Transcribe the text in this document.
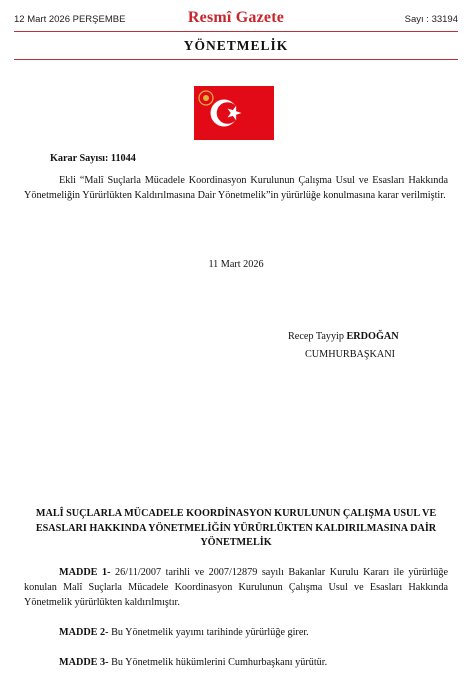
12 Mart 2026 PERŞEMBE	Resmî Gazete	Sayı : 33194
YÖNETMELİK
Karar Sayısı: 11044
Ekli “Malî Suçlarla Mücadele Koordinasyon Kurulunun Çalışma Usul ve Esasları Hakkında Yönetmeliğin Yürürlükten Kaldırılmasına Dair Yönetmelik”in yürürlüğe konulmasına karar verilmiştir.
11 Mart 2026
Recep Tayyip ERDOĞAN
CUMHURBAŞKANI
MALÎ SUÇLARLA MÜCADELE KOORDİNASYON KURULUNUN ÇALIŞMA USUL VE ESASLARI HAKKINDA YÖNETMELİĞİN YÜRÜRLÜKTEN KALDIRILMASINA DAİR YÖNETMELİK
MADDE 1- 26/11/2007 tarihli ve 2007/12879 sayılı Bakanlar Kurulu Kararı ile yürürlüğe konulan Malî Suçlarla Mücadele Koordinasyon Kurulunun Çalışma Usul ve Esasları Hakkında Yönetmelik yürürlükten kaldırılmıştır.
MADDE 2- Bu Yönetmelik yayımı tarihinde yürürlüğe girer.
MADDE 3- Bu Yönetmelik hükümlerini Cumhurbaşkanı yürütür.
